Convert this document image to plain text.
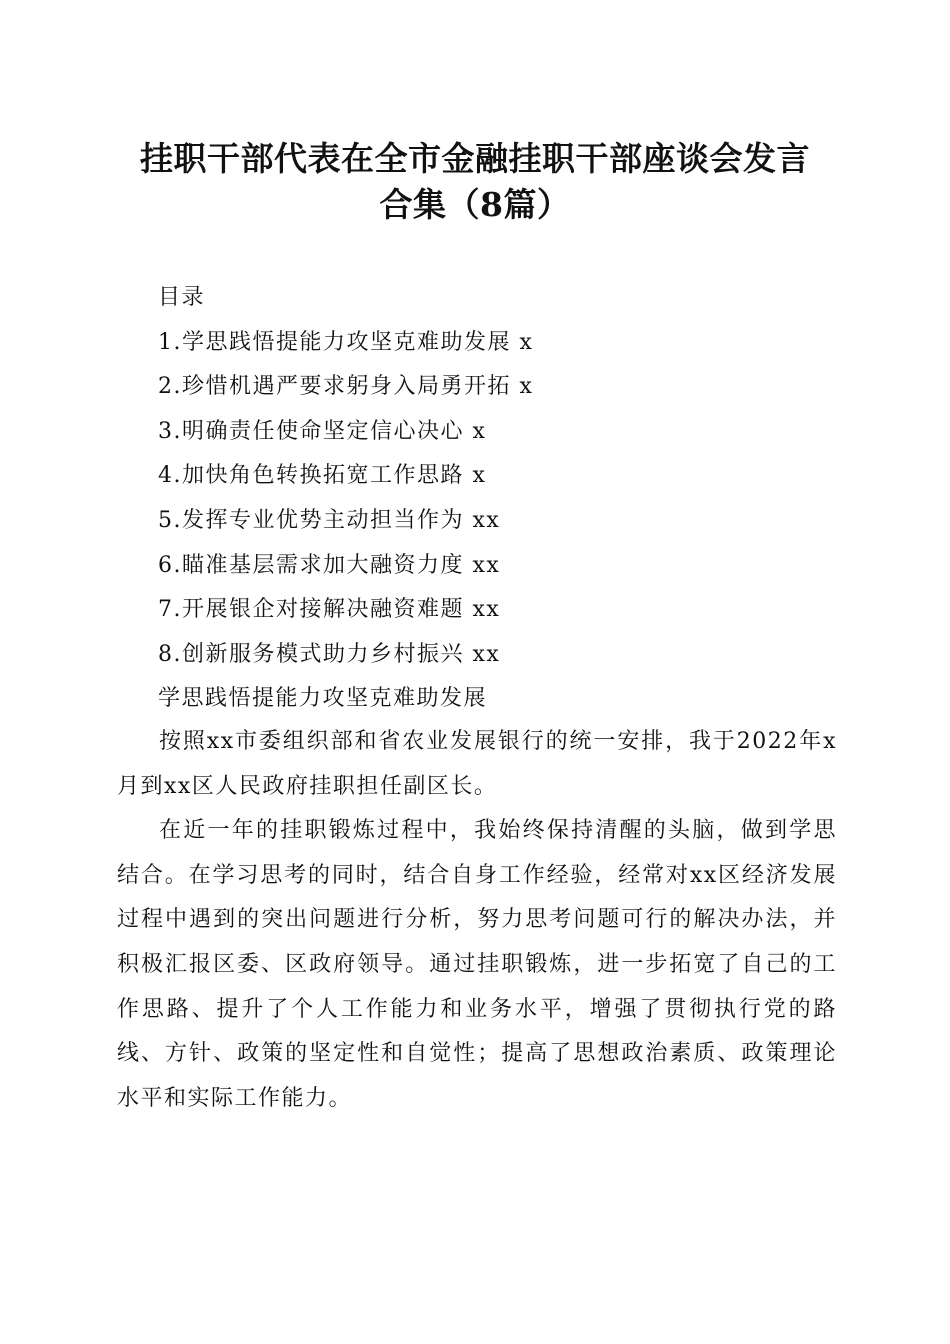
挂职干部代表在全市金融挂职干部座谈会发言
合集（8篇）
目录
1.学思践悟提能力攻坚克难助发展 x
2.珍惜机遇严要求躬身入局勇开拓 x
3.明确责任使命坚定信心决心 x
4.加快角色转换拓宽工作思路 x
5.发挥专业优势主动担当作为 xx
6.瞄准基层需求加大融资力度 xx
7.开展银企对接解决融资难题 xx
8.创新服务模式助力乡村振兴 xx
学思践悟提能力攻坚克难助发展

按照xx市委组织部和省农业发展银行的统一安排，我于2022年x月到xx区人民政府挂职担任副区长。

在近一年的挂职锻炼过程中，我始终保持清醒的头脑，做到学思结合。在学习思考的同时，结合自身工作经验，经常对xx区经济发展过程中遇到的突出问题进行分析，努力思考问题可行的解决办法，并积极汇报区委、区政府领导。通过挂职锻炼，进一步拓宽了自己的工作思路、提升了个人工作能力和业务水平，增强了贯彻执行党的路线、方针、政策的坚定性和自觉性；提高了思想政治素质、政策理论水平和实际工作能力。
